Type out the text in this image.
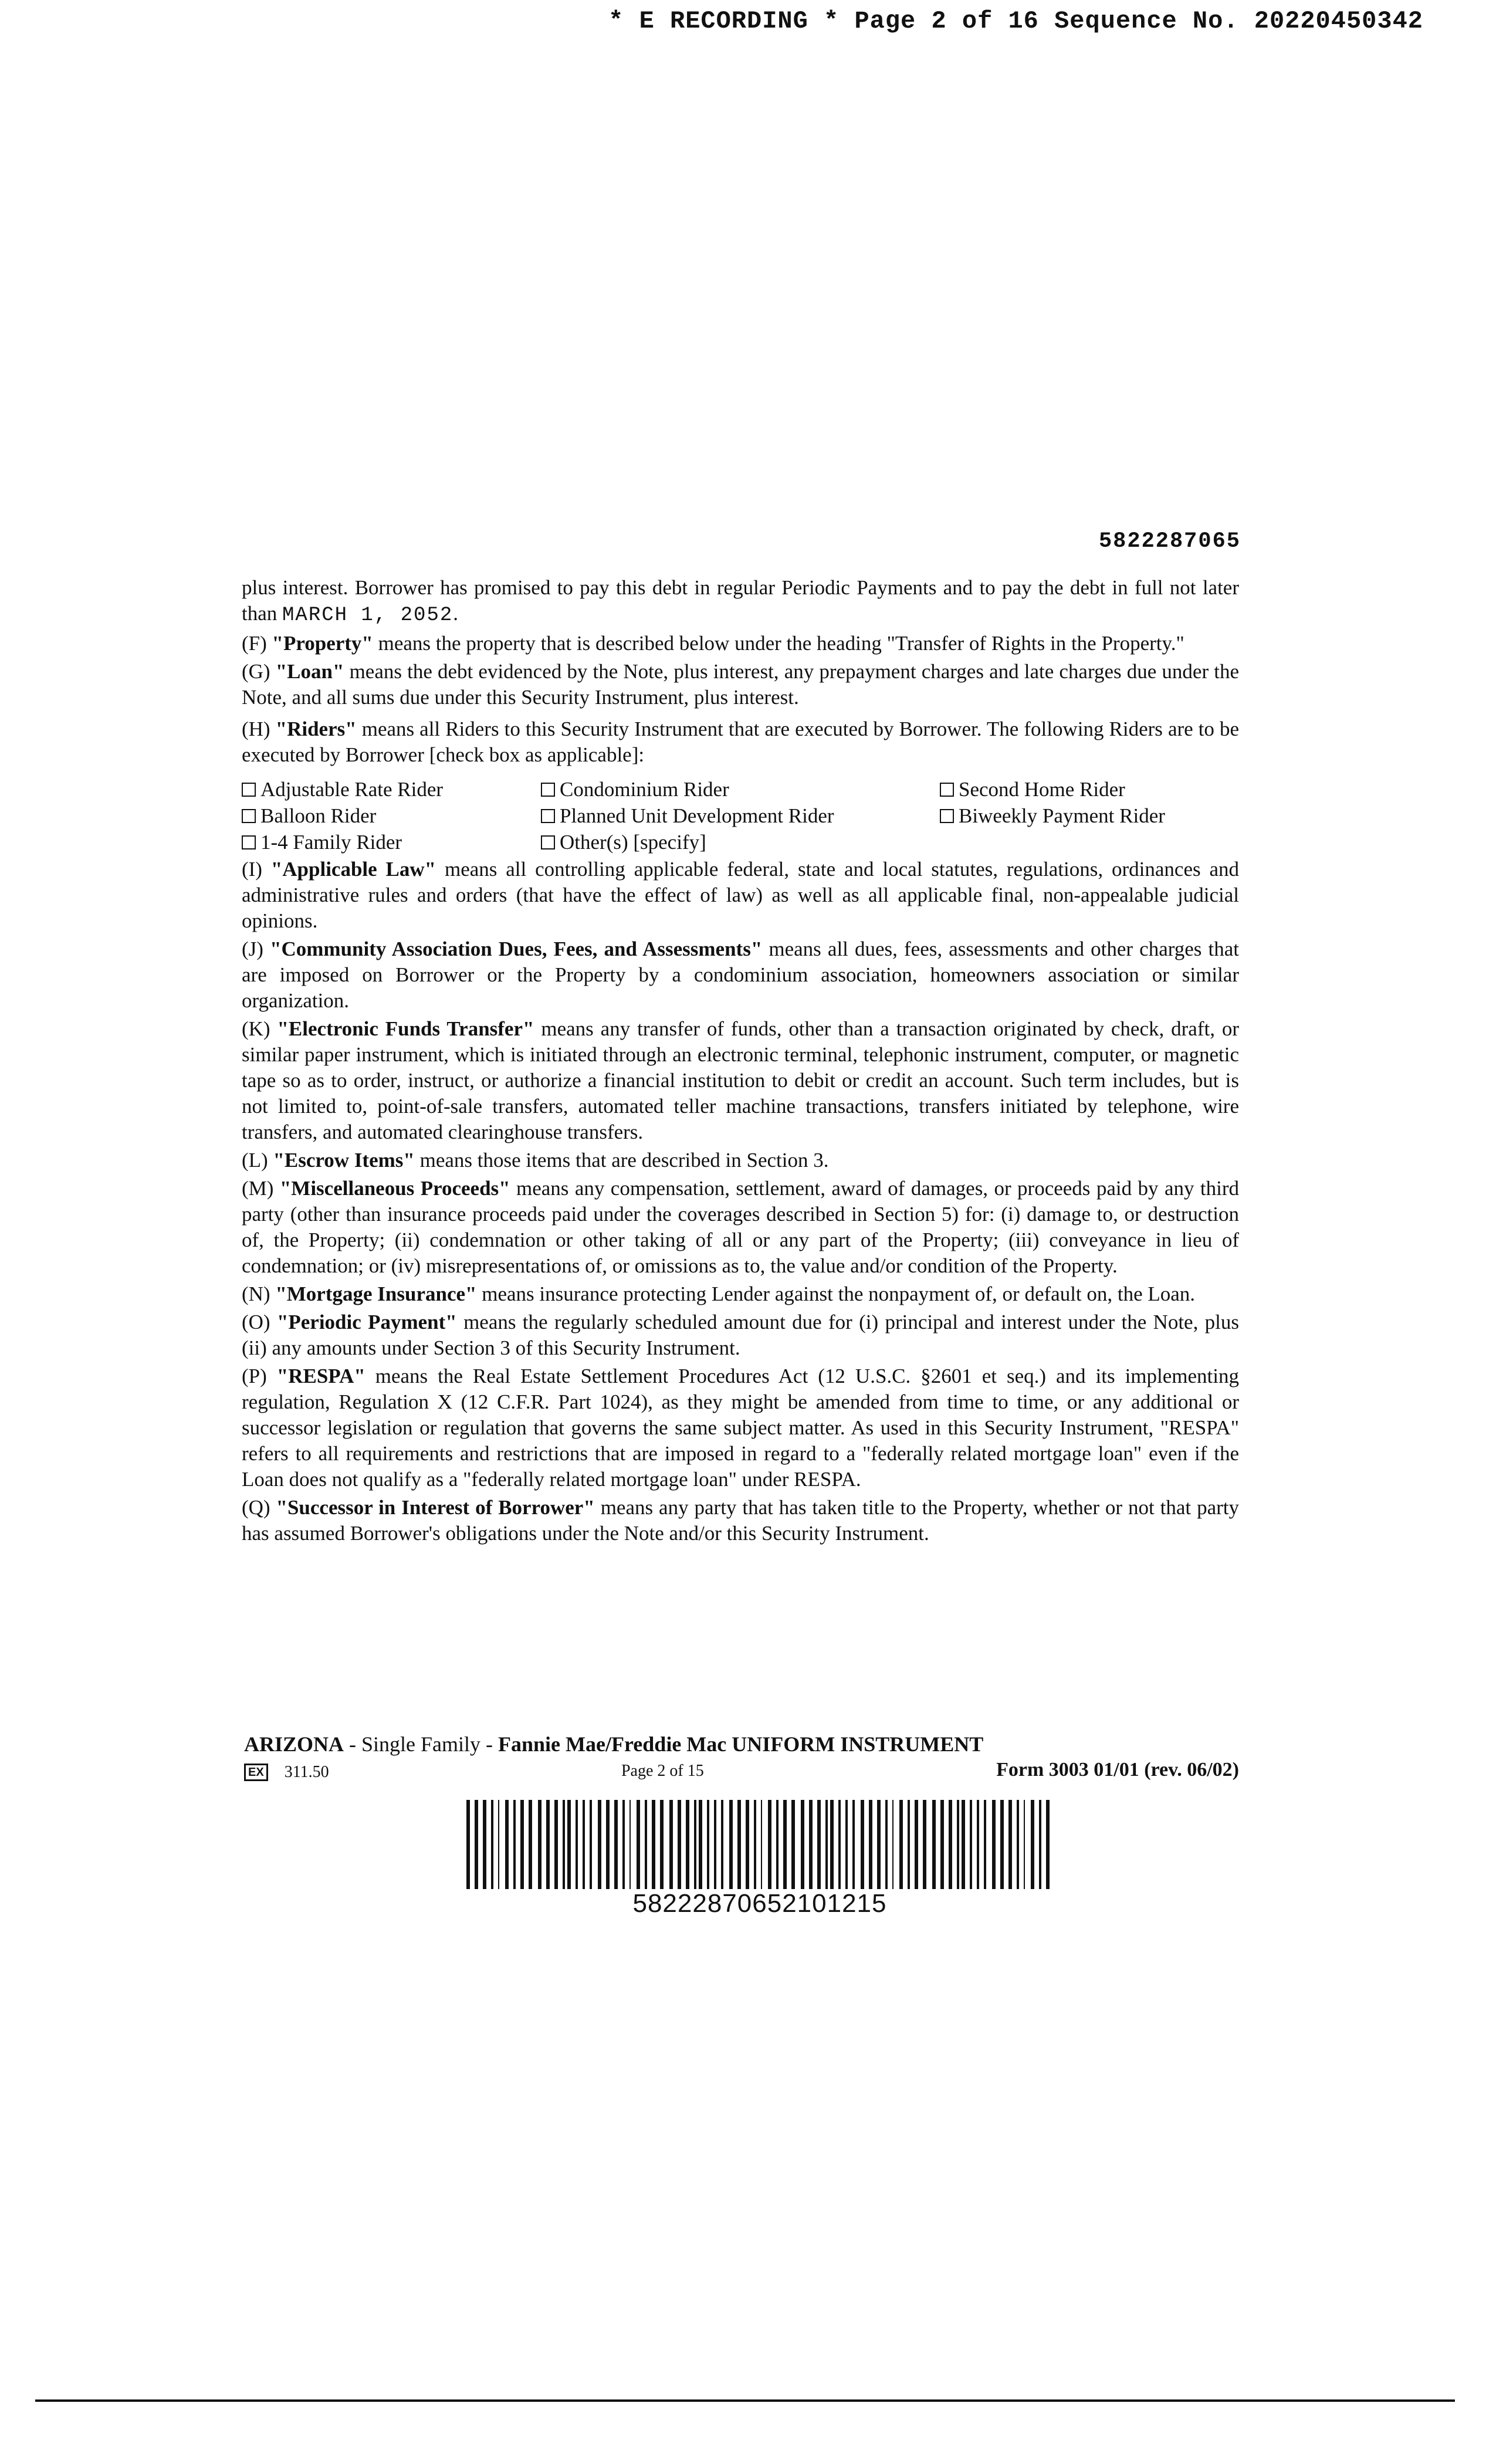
* E RECORDING * Page 2 of 16 Sequence No. 20220450342
5822287065

plus interest. Borrower has promised to pay this debt in regular Periodic Payments and to pay the debt in full not later than MARCH 1, 2052.

(F) "Property" means the property that is described below under the heading "Transfer of Rights in the Property."

(G) "Loan" means the debt evidenced by the Note, plus interest, any prepayment charges and late charges due under the Note, and all sums due under this Security Instrument, plus interest.

(H) "Riders" means all Riders to this Security Instrument that are executed by Borrower. The following Riders are to be executed by Borrower [check box as applicable]:

Adjustable Rate Rider	Condominium Rider	Second Home Rider
Balloon Rider	Planned Unit Development Rider	Biweekly Payment Rider
1-4 Family Rider	Other(s) [specify]

(I) "Applicable Law" means all controlling applicable federal, state and local statutes, regulations, ordinances and administrative rules and orders (that have the effect of law) as well as all applicable final, non-appealable judicial opinions.

(J) "Community Association Dues, Fees, and Assessments" means all dues, fees, assessments and other charges that are imposed on Borrower or the Property by a condominium association, homeowners association or similar organization.

(K) "Electronic Funds Transfer" means any transfer of funds, other than a transaction originated by check, draft, or similar paper instrument, which is initiated through an electronic terminal, telephonic instrument, computer, or magnetic tape so as to order, instruct, or authorize a financial institution to debit or credit an account. Such term includes, but is not limited to, point-of-sale transfers, automated teller machine transactions, transfers initiated by telephone, wire transfers, and automated clearinghouse transfers.

(L) "Escrow Items" means those items that are described in Section 3.

(M) "Miscellaneous Proceeds" means any compensation, settlement, award of damages, or proceeds paid by any third party (other than insurance proceeds paid under the coverages described in Section 5) for: (i) damage to, or destruction of, the Property; (ii) condemnation or other taking of all or any part of the Property; (iii) conveyance in lieu of condemnation; or (iv) misrepresentations of, or omissions as to, the value and/or condition of the Property.

(N) "Mortgage Insurance" means insurance protecting Lender against the nonpayment of, or default on, the Loan.

(O) "Periodic Payment" means the regularly scheduled amount due for (i) principal and interest under the Note, plus (ii) any amounts under Section 3 of this Security Instrument.

(P) "RESPA" means the Real Estate Settlement Procedures Act (12 U.S.C. §2601 et seq.) and its implementing regulation, Regulation X (12 C.F.R. Part 1024), as they might be amended from time to time, or any additional or successor legislation or regulation that governs the same subject matter. As used in this Security Instrument, "RESPA" refers to all requirements and restrictions that are imposed in regard to a "federally related mortgage loan" even if the Loan does not qualify as a "federally related mortgage loan" under RESPA.

(Q) "Successor in Interest of Borrower" means any party that has taken title to the Property, whether or not that party has assumed Borrower's obligations under the Note and/or this Security Instrument.

ARIZONA - Single Family - Fannie Mae/Freddie Mac UNIFORM INSTRUMENT
EX 311.50	Page 2 of 15	Form 3003 01/01 (rev. 06/02)
58222870652101215
